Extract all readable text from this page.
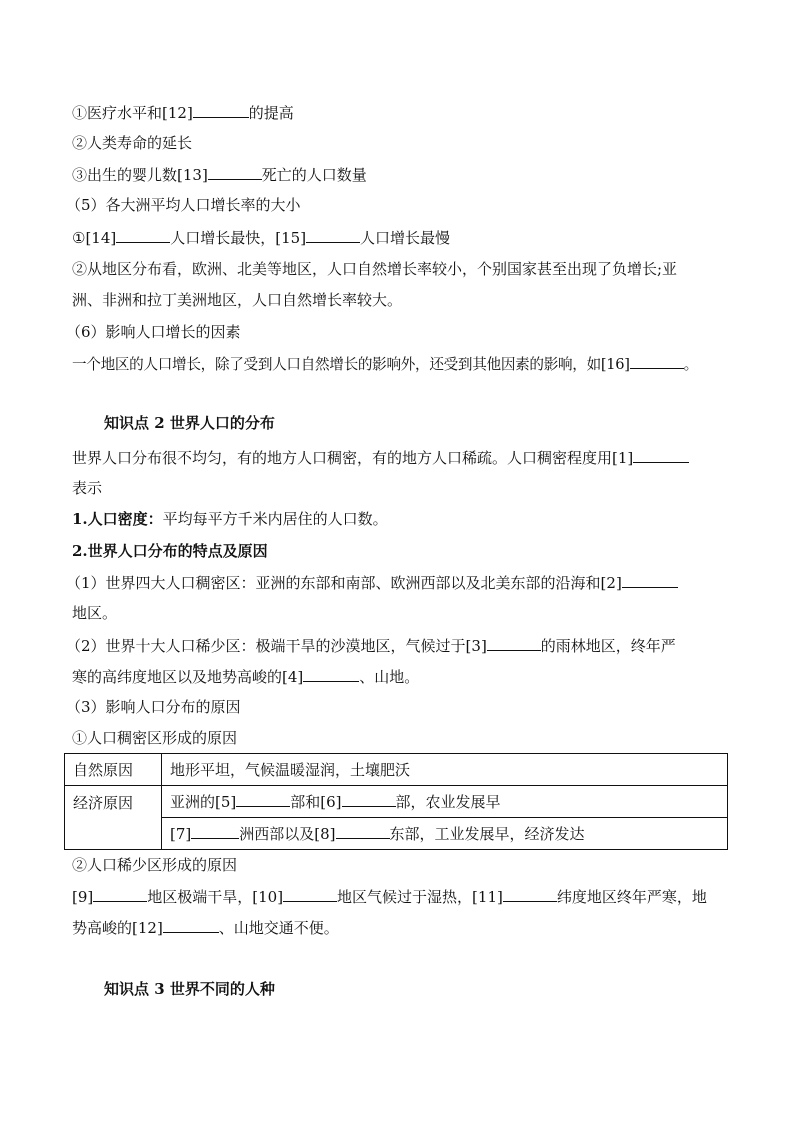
①医疗水平和[12]	的提高
②人类寿命的延长
③出生的婴儿数[13]	死亡的人口数量
（5）各大洲平均人口增长率的大小
①[14]	人口增长最快，[15]	人口增长最慢
②从地区分布看，欧洲、北美等地区，人口自然增长率较小，个别国家甚至出现了负增长;亚
洲、非洲和拉丁美洲地区，人口自然增长率较大。
（6）影响人口增长的因素
一个地区的人口增长，除了受到人口自然增长的影响外，还受到其他因素的影响，如[16]	。
知识点 2 世界人口的分布
世界人口分布很不均匀，有的地方人口稠密，有的地方人口稀疏。人口稠密程度用[1]
表示
1.人口密度：平均每平方千米内居住的人口数。
2.世界人口分布的特点及原因
（1）世界四大人口稠密区：亚洲的东部和南部、欧洲西部以及北美东部的沿海和[2]
地区。
（2）世界十大人口稀少区：极端干旱的沙漠地区，气候过于[3]	的雨林地区，终年严
寒的高纬度地区以及地势高峻的[4]	、山地。
（3）影响人口分布的原因
①人口稠密区形成的原因
自然原因	地形平坦，气候温暖湿润，土壤肥沃
经济原因	亚洲的[5] 部和[6] 部，农业发展早
	[7] 洲西部以及[8] 东部，工业发展早，经济发达
②人口稀少区形成的原因
[9]	地区极端干旱，[10]	地区气候过于湿热，[11]	纬度地区终年严寒，地
势高峻的[12]	、山地交通不便。
知识点 3 世界不同的人种
